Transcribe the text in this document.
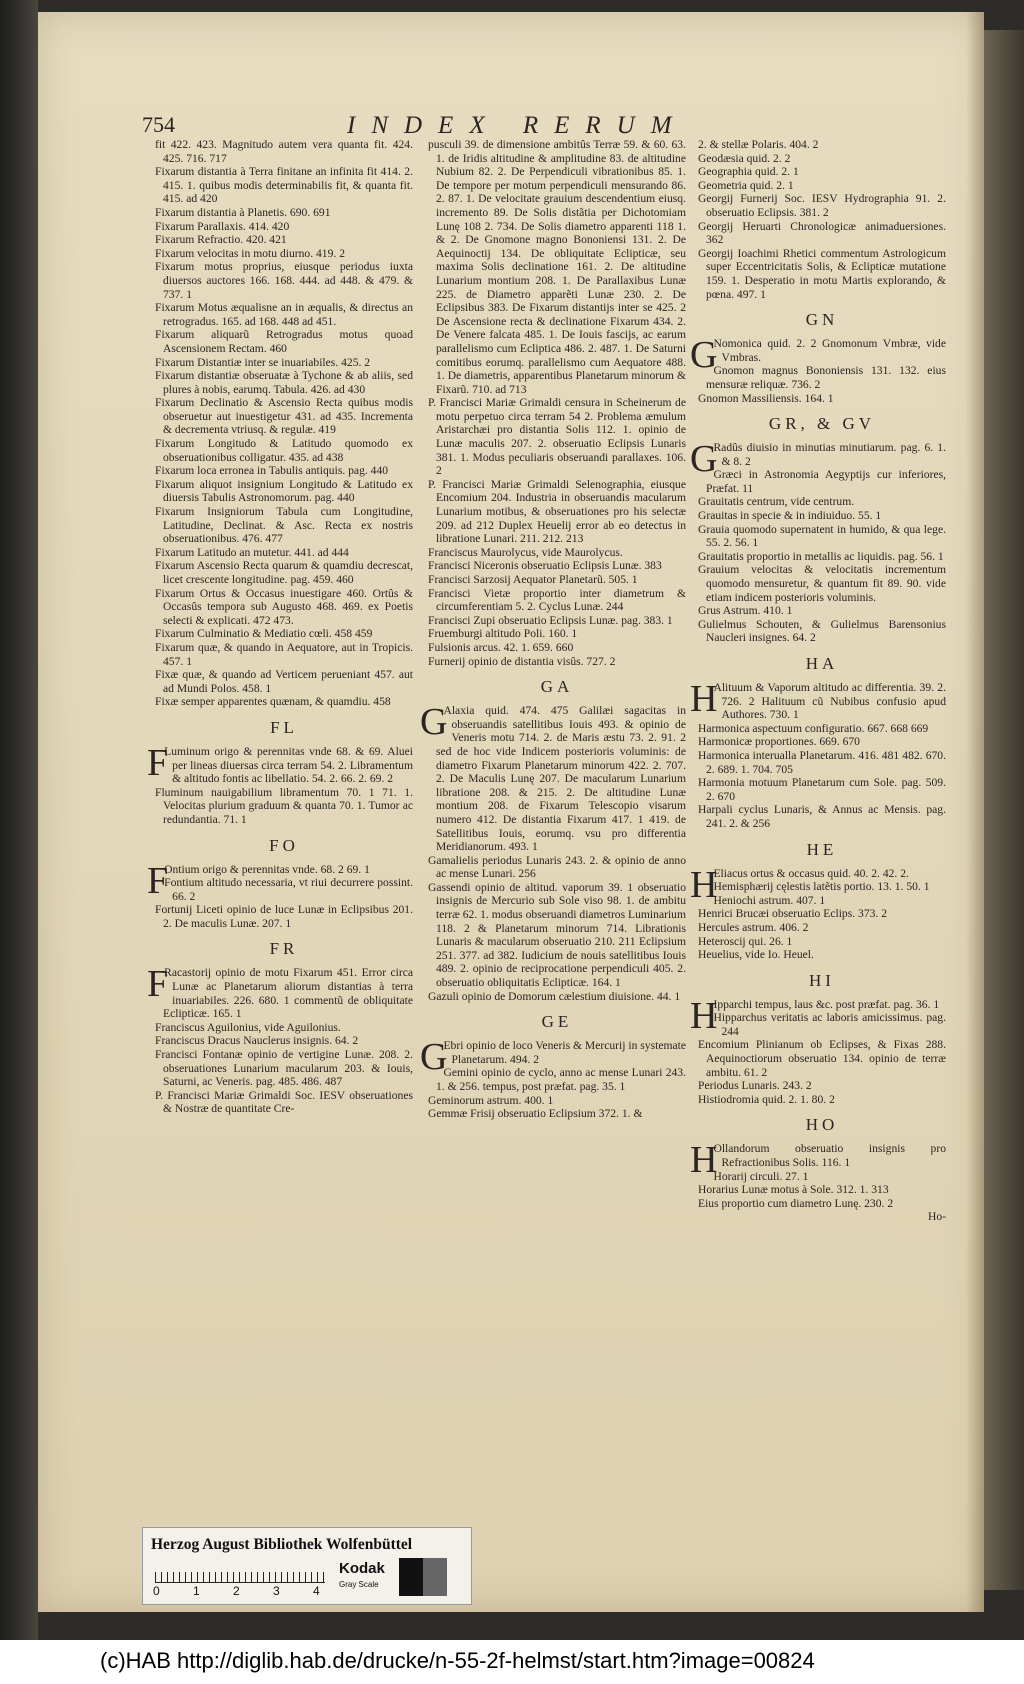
754	INDEX RERUM

fit 422. 423. Magnitudo autem vera quanta fit. 424. 425. 716. 717

Fixarum distantia à Terra finitane an infinita fit 414. 2. 415. 1. quibus modis determinabilis fit, & quanta fit. 415. ad 420

Fixarum distantia à Planetis. 690. 691

Fixarum Parallaxis. 414. 420

Fixarum Refractio. 420. 421

Fixarum velocitas in motu diurno. 419. 2

Fixarum motus proprius, eiusque periodus iuxta diuersos auctores 166. 168. 444. ad 448. & 479. & 737. 1

Fixarum Motus æqualisne an in æqualis, & directus an retrogradus. 165. ad 168. 448 ad 451.

Fixarum aliquarũ Retrogradus motus quoad Ascensionem Rectam. 460

Fixarum Distantiæ inter se inuariabiles. 425. 2

Fixarum distantiæ obseruatæ à Tychone & ab aliis, sed plures à nobis, earumq. Tabula. 426. ad 430

Fixarum Declinatio & Ascensio Recta quibus modis obseruetur aut inuestigetur 431. ad 435. Incrementa & decrementa vtriusq. & regulæ. 419

Fixarum Longitudo & Latitudo quomodo ex obseruationibus colligatur. 435. ad 438

Fixarum loca erronea in Tabulis antiquis. pag. 440

Fixarum aliquot insignium Longitudo & Latitudo ex diuersis Tabulis Astronomorum. pag. 440

Fixarum Insigniorum Tabula cum Longitudine, Latitudine, Declinat. & Asc. Recta ex nostris obseruationibus. 476. 477

Fixarum Latitudo an mutetur. 441. ad 444

Fixarum Ascensio Recta quarum & quamdiu decrescat, licet crescente longitudine. pag. 459. 460

Fixarum Ortus & Occasus inuestigare 460. Ortûs & Occasûs tempora sub Augusto 468. 469. ex Poetis selecti & explicati. 472 473.

Fixarum Culminatio & Mediatio cœli. 458 459

Fixarum quæ, & quando in Aequatore, aut in Tropicis. 457. 1

Fixæ quæ, & quando ad Verticem perueniant 457. aut ad Mundi Polos. 458. 1

Fixæ semper apparentes quænam, & quamdiu. 458

FL

F
Luminum origo & perennitas vnde 68. & 69. Aluei per lineas diuersas circa terram 54. 2. Libramentum & altitudo fontis ac libellatio. 54. 2. 66. 2. 69. 2

Fluminum nauigabilium libramentum 70. 1 71. 1. Velocitas plurium graduum & quanta 70. 1. Tumor ac redundantia. 71. 1

FO

F
Ontium origo & perennitas vnde. 68. 2 69. 1

Fontium altitudo necessaria, vt riui decurrere possint. 66. 2

Fortunij Liceti opinio de luce Lunæ in Eclipsibus 201. 2. De maculis Lunæ. 207. 1

FR

F
Racastorij opinio de motu Fixarum 451. Error circa Lunæ ac Planetarum aliorum distantias à terra inuariabiles. 226. 680. 1 commentũ de obliquitate Eclipticæ. 165. 1

Franciscus Aguilonius, vide Aguilonius.

Franciscus Dracus Nauclerus insignis. 64. 2

Francisci Fontanæ opinio de vertigine Lunæ. 208. 2. obseruationes Lunarium macularum 203. & Iouis, Saturni, ac Veneris. pag. 485. 486. 487

P. Francisci Mariæ Grimaldi Soc. IESV obseruationes & Nostræ de quantitate Cre-

pusculi 39. de dimensione ambitûs Terræ 59. & 60. 63. 1. de Iridis altitudine & amplitudine 83. de altitudine Nubium 82. 2. De Perpendiculi vibrationibus 85. 1. De tempore per motum perpendiculi mensurando 86. 2. 87. 1. De velocitate grauium descendentium eiusq. incremento 89. De Solis distãtia per Dichotomiam Lunę 108 2. 734. De Solis diametro apparenti 118 1. & 2. De Gnomone magno Bononiensi 131. 2. De Aequinoctij 134. De obliquitate Eclipticæ, seu maxima Solis declinatione 161. 2. De altitudine Lunarium montium 208. 1. De Parallaxibus Lunæ 225. de Diametro apparẽti Lunæ 230. 2. De Eclipsibus 383. De Fixarum distantijs inter se 425. 2 De Ascensione recta & declinatione Fixarum 434. 2. De Venere falcata 485. 1. De Iouis fascijs, ac earum parallelismo cum Ecliptica 486. 2. 487. 1. De Saturni comitibus eorumq. parallelismo cum Aequatore 488. 1. De diametris, apparentibus Planetarum minorum & Fixarũ. 710. ad 713

P. Francisci Mariæ Grimaldi censura in Scheinerum de motu perpetuo circa terram 54 2. Problema æmulum Aristarchæi pro distantia Solis 112. 1. opinio de Lunæ maculis 207. 2. obseruatio Eclipsis Lunaris 381. 1. Modus peculiaris obseruandi parallaxes. 106. 2

P. Francisci Mariæ Grimaldi Selenographia, eiusque Encomium 204. Industria in obseruandis macularum Lunarium motibus, & obseruationes pro his selectæ 209. ad 212 Duplex Heuelij error ab eo detectus in libratione Lunari. 211. 212. 213

Franciscus Maurolycus, vide Maurolycus.

Francisci Niceronis obseruatio Eclipsis Lunæ. 383

Francisci Sarzosij Aequator Planetarũ. 505. 1

Francisci Vietæ proportio inter diametrum & circumferentiam 5. 2. Cyclus Lunæ. 244

Francisci Zupi obseruatio Eclipsis Lunæ. pag. 383. 1

Fruemburgi altitudo Poli. 160. 1

Fulsionis arcus. 42. 1. 659. 660

Furnerij opinio de distantia visûs. 727. 2

GA

G
Alaxia quid. 474. 475 Galilæi sagacitas in obseruandis satellitibus Iouis 493. & opinio de Veneris motu 714. 2. de Maris æstu 73. 2. 91. 2 sed de hoc vide Indicem posterioris voluminis: de diametro Fixarum Planetarum minorum 422. 2. 707. 2. De Maculis Lunę 207. De macularum Lunarium libratione 208. & 215. 2. De altitudine Lunæ montium 208. de Fixarum Telescopio visarum numero 412. De distantia Fixarum 417. 1 419. de Satellitibus Iouis, eorumq. vsu pro differentia Meridianorum. 493. 1

Gamalielis periodus Lunaris 243. 2. & opinio de anno ac mense Lunari. 256

Gassendi opinio de altitud. vaporum 39. 1 obseruatio insignis de Mercurio sub Sole viso 98. 1. de ambitu terræ 62. 1. modus obseruandi diametros Luminarium 118. 2 & Planetarum minorum 714. Librationis Lunaris & macularum obseruatio 210. 211 Eclipsium 251. 377. ad 382. Iudicium de nouis satellitibus Iouis 489. 2. opinio de reciprocatione perpendiculi 405. 2. obseruatio obliquitatis Eclipticæ. 164. 1

Gazuli opinio de Domorum cælestium diuisione. 44. 1

GE

G
Ebri opinio de loco Veneris & Mercurij in systemate Planetarum. 494. 2

Gemini opinio de cyclo, anno ac mense Lunari 243. 1. & 256. tempus, post præfat. pag. 35. 1

Geminorum astrum. 400. 1

Gemmæ Frisij obseruatio Eclipsium 372. 1. &

2. & stellæ Polaris. 404. 2

Geodæsia quid. 2. 2

Geographia quid. 2. 1

Geometria quid. 2. 1

Georgij Furnerij Soc. IESV Hydrographia 91. 2. obseruatio Eclipsis. 381. 2

Georgij Heruarti Chronologicæ animaduersiones. 362

Georgij Ioachimi Rhetici commentum Astrologicum super Eccentricitatis Solis, & Eclipticæ mutatione 159. 1. Desperatio in motu Martis explorando, & pœna. 497. 1

GN

G
Nomonica quid. 2. 2 Gnomonum Vmbræ, vide Vmbras.

Gnomon magnus Bononiensis 131. 132. eius mensuræ reliquæ. 736. 2

Gnomon Massiliensis. 164. 1

GR, & GV

G
Radûs diuisio in minutias minutiarum. pag. 6. 1. & 8. 2

Græci in Astronomia Aegyptijs cur inferiores, Præfat. 11

Grauitatis centrum, vide centrum.

Grauitas in specie & in indiuiduo. 55. 1

Grauia quomodo supernatent in humido, & qua lege. 55. 2. 56. 1

Grauitatis proportio in metallis ac liquidis. pag. 56. 1

Grauium velocitas & velocitatis incrementum quomodo mensuretur, & quantum fit 89. 90. vide etiam indicem posterioris voluminis.

Grus Astrum. 410. 1

Gulielmus Schouten, & Gulielmus Barensonius Naucleri insignes. 64. 2

HA

H
Alituum & Vaporum altitudo ac differentia. 39. 2. 726. 2 Halituum cũ Nubibus confusio apud Authores. 730. 1

Harmonica aspectuum configuratio. 667. 668 669

Harmonicæ proportiones. 669. 670

Harmonica interualla Planetarum. 416. 481 482. 670. 2. 689. 1. 704. 705

Harmonia motuum Planetarum cum Sole. pag. 509. 2. 670

Harpali cyclus Lunaris, & Annus ac Mensis. pag. 241. 2. & 256

HE

H
Eliacus ortus & occasus quid. 40. 2. 42. 2.

Hemisphærij cęlestis latẽtis portio. 13. 1. 50. 1

Heniochi astrum. 407. 1

Henrici Brucæi obseruatio Eclips. 373. 2

Hercules astrum. 406. 2

Heteroscij qui. 26. 1

Heuelius, vide Io. Heuel.

HI

H
Ipparchi tempus, laus &c. post præfat. pag. 36. 1

Hipparchus veritatis ac laboris amicissimus. pag. 244

Encomium Plinianum ob Eclipses, & Fixas 288. Aequinoctiorum obseruatio 134. opinio de terræ ambitu. 61. 2

Periodus Lunaris. 243. 2

Histiodromia quid. 2. 1. 80. 2

HO

H
Ollandorum obseruatio insignis pro Refractionibus Solis. 116. 1

Horarij circuli. 27. 1

Horarius Lunæ motus à Sole. 312. 1. 313

Eius proportio cum diametro Lunę. 230. 2

Ho-

Herzog August Bibliothek Wolfenbüttel
0	1	2	3	4
Kodak
Gray Scale
(c)HAB http://diglib.hab.de/drucke/n-55-2f-helmst/start.htm?image=00824
